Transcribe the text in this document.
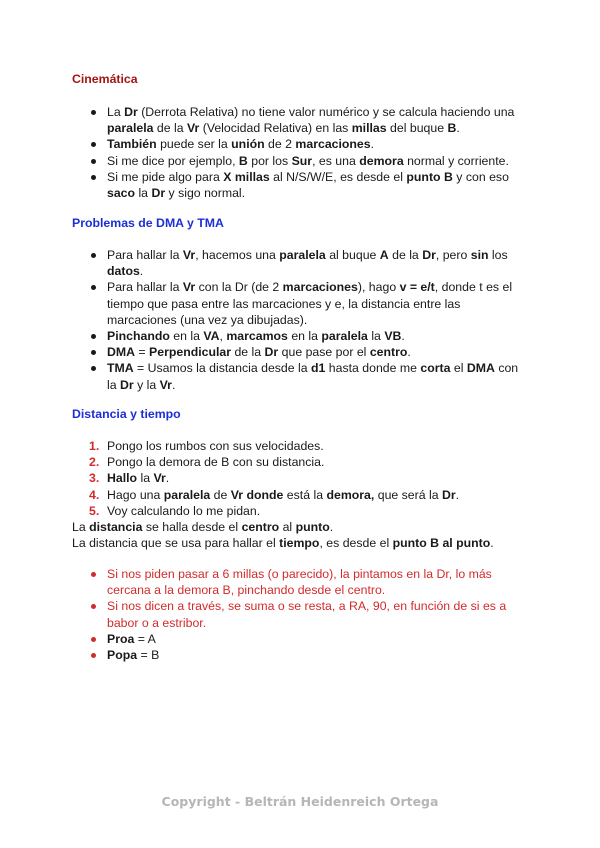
Cinemática
La Dr (Derrota Relativa) no tiene valor numérico y se calcula haciendo una paralela de la Vr (Velocidad Relativa) en las millas del buque B.
También puede ser la unión de 2 marcaciones.
Si me dice por ejemplo, B por los Sur, es una demora normal y corriente.
Si me pide algo para X millas al N/S/W/E, es desde el punto B y con eso saco la Dr y sigo normal.
Problemas de DMA y TMA
Para hallar la Vr, hacemos una paralela al buque A de la Dr, pero sin los datos.
Para hallar la Vr con la Dr (de 2 marcaciones), hago v = e/t, donde t es el tiempo que pasa entre las marcaciones y e, la distancia entre las marcaciones (una vez ya dibujadas).
Pinchando en la VA, marcamos en la paralela la VB.
DMA = Perpendicular de la Dr que pase por el centro.
TMA = Usamos la distancia desde la d1 hasta donde me corta el DMA con la Dr y la Vr.
Distancia y tiempo
1. Pongo los rumbos con sus velocidades.
2. Pongo la demora de B con su distancia.
3. Hallo la Vr.
4. Hago una paralela de Vr donde está la demora, que será la Dr.
5. Voy calculando lo me pidan.

La distancia se halla desde el centro al punto.

La distancia que se usa para hallar el tiempo, es desde el punto B al punto.

Si nos piden pasar a 6 millas (o parecido), la pintamos en la Dr, lo más cercana a la demora B, pinchando desde el centro.
Si nos dicen a través, se suma o se resta, a RA, 90, en función de si es a babor o a estribor.
Proa = A
Popa = B
Copyright - Beltrán Heidenreich Ortega
